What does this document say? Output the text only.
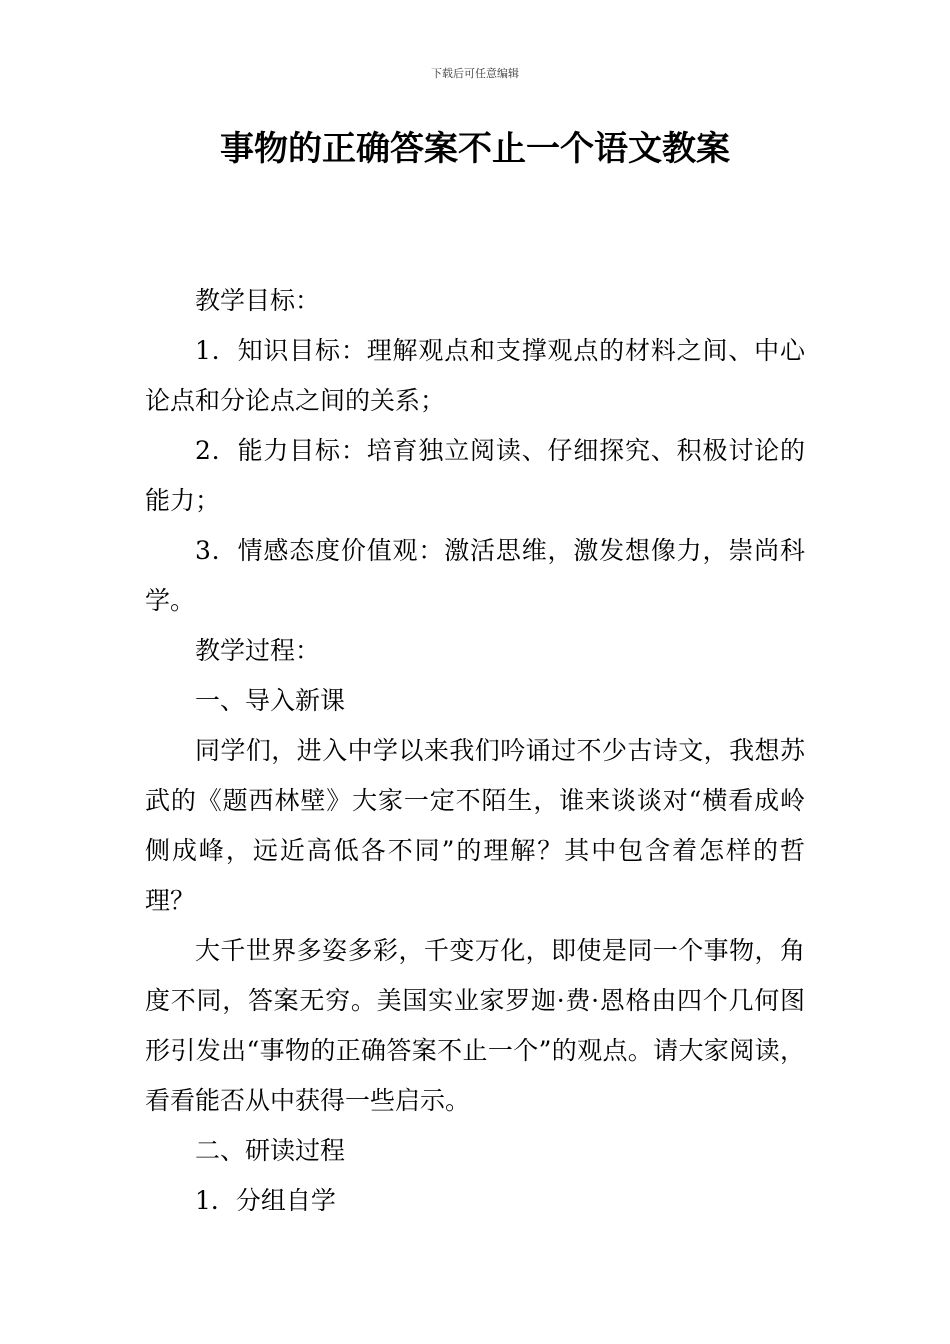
下载后可任意编辑
事物的正确答案不止一个语文教案

教学目标：

1．知识目标：理解观点和支撑观点的材料之间、中心论点和分论点之间的关系；

2．能力目标：培育独立阅读、仔细探究、积极讨论的能力；

3．情感态度价值观：激活思维，激发想像力，崇尚科学。

教学过程：

一、导入新课

同学们，进入中学以来我们吟诵过不少古诗文，我想苏武的《题西林壁》大家一定不陌生，谁来谈谈对“横看成岭侧成峰，远近高低各不同”的理解？其中包含着怎样的哲理？

大千世界多姿多彩，千变万化，即使是同一个事物，角度不同，答案无穷。美国实业家罗迦·费·恩格由四个几何图形引发出“事物的正确答案不止一个”的观点。请大家阅读，看看能否从中获得一些启示。

二、研读过程

1．分组自学
